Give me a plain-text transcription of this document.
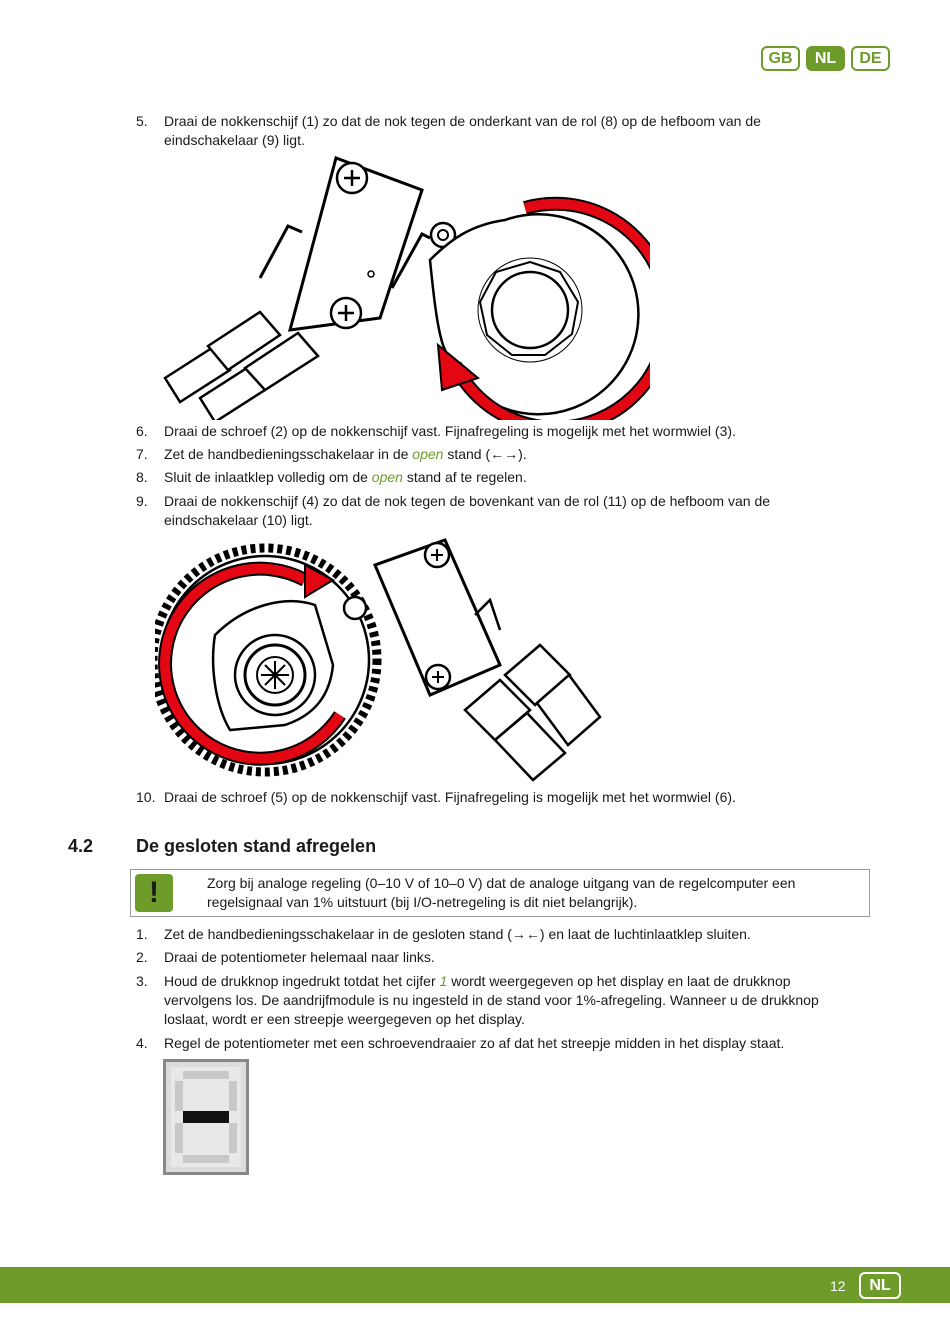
GB	NL	DE
5. Draai de nokkenschijf (1) zo dat de nok tegen de onderkant van de rol (8) op de hefboom van de eindschakelaar (9) ligt.
6. Draai de schroef (2) op de nokkenschijf vast. Fijnafregeling is mogelijk met het wormwiel (3).
7. Zet de handbedieningsschakelaar in de open stand (←→).
8. Sluit de inlaatklep volledig om de open stand af te regelen.
9. Draai de nokkenschijf (4) zo dat de nok tegen de bovenkant van de rol (11) op de hefboom van de eindschakelaar (10) ligt.
10. Draai de schroef (5) op de nokkenschijf vast. Fijnafregeling is mogelijk met het wormwiel (6).
4.2 De gesloten stand afregelen
!	Zorg bij analoge regeling (0–10 V of 10–0 V) dat de analoge uitgang van de regelcomputer een regelsignaal van 1% uitstuurt (bij I/O-netregeling is dit niet belangrijk).
1. Zet de handbedieningsschakelaar in de gesloten stand (→←) en laat de luchtinlaatklep sluiten.
2. Draai de potentiometer helemaal naar links.
3. Houd de drukknop ingedrukt totdat het cijfer 1 wordt weergegeven op het display en laat de drukknop vervolgens los. De aandrijfmodule is nu ingesteld in de stand voor 1%-afregeling. Wanneer u de drukknop loslaat, wordt er een streepje weergegeven op het display.
4. Regel de potentiometer met een schroevendraaier zo af dat het streepje midden in het display staat.
12	NL
